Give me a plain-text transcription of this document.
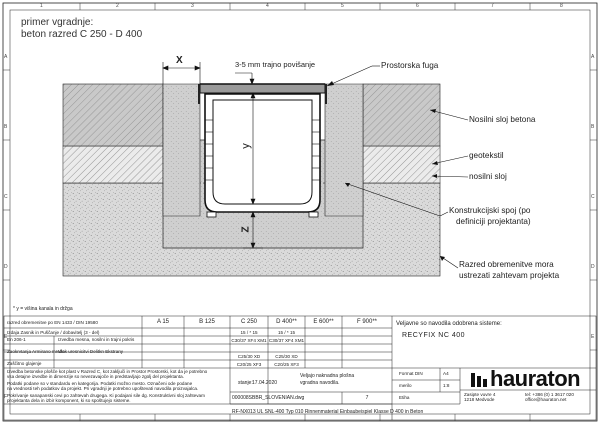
A
B
C
D
E
F
A
B
C
D
E
1	2	3	4	5	6	7	8
primer vgradnje:
beton razred C 250 - D 400
X	3-5 mm trajno povišanje
y
Z
Prostorska fuga
Nosilni sloj betona
geotekstil
nosilni sloj
Konstrukcijski spoj (po
definiciji projektanta)
Razred obremenitve mora
ustrezati zahtevam projekta
* y = višina kanala in držga
razred obremenitve po EN 1433 / DIN 19580
Izdaja Zasnik in Puščanje / dobavitelj (3 - del)
A 15	B 125	C 250	D 400**	E 600**	F 900**
15 / * 15	15 / * 15
En 206-1	Izvedba mesna, nosilni in trajni pokris
Zaokrvtanja Armirano mreže
Vlak uresnicitvi Delitkn Ekstrany
Zaščitno glajenje
C30/37 XF4 XM1 C30/37 XF4 XM1
C25/30 XD	C25/30 XD
C20/25 XF3	C20/25 XF3
Izvedba betonske plošče kot plast v Razred C, kot zaključi in Prostor Prostorski, kot da je potrebno
vsa detajne izvedbe in dimenzije so nevezavajoče in predstavljajo zgolj del projektanta.
Podatki podane so v standardu en kategorija. Podatki možno mesto. Označeni ode podane
na vrednosti teh podatkov da projekt. Pri vgradnji je potrebno upoštevati navodila proizvajalca.
Pokrivanje sanapanski cevi po zahtevah drugega. Ki podajani sile dg. Konstruktivni sloj zahtevam
projektanta dela in izbir komponent, ki so spoštujejo sisteme.
stanje: 17.04.2020
Veljajo naknadna plošna
vgradna navodila.
000008SBBR_SLOVENIAN.dwg	7
RF-NX013 UL SNL-400 Typ 010 Rinnenmaterial Einbaubeispiel Klasse D 400 in Beton
Veljavne so navodila odobrena sisteme:
RECYFIX NC 400
Format DIN	A4
merilo	1:8
Etiha
hauraton
Zasipte vuvre 4
1218 Medvode
tel: +386 (0) 1 3617 020
office@hauraton.net
